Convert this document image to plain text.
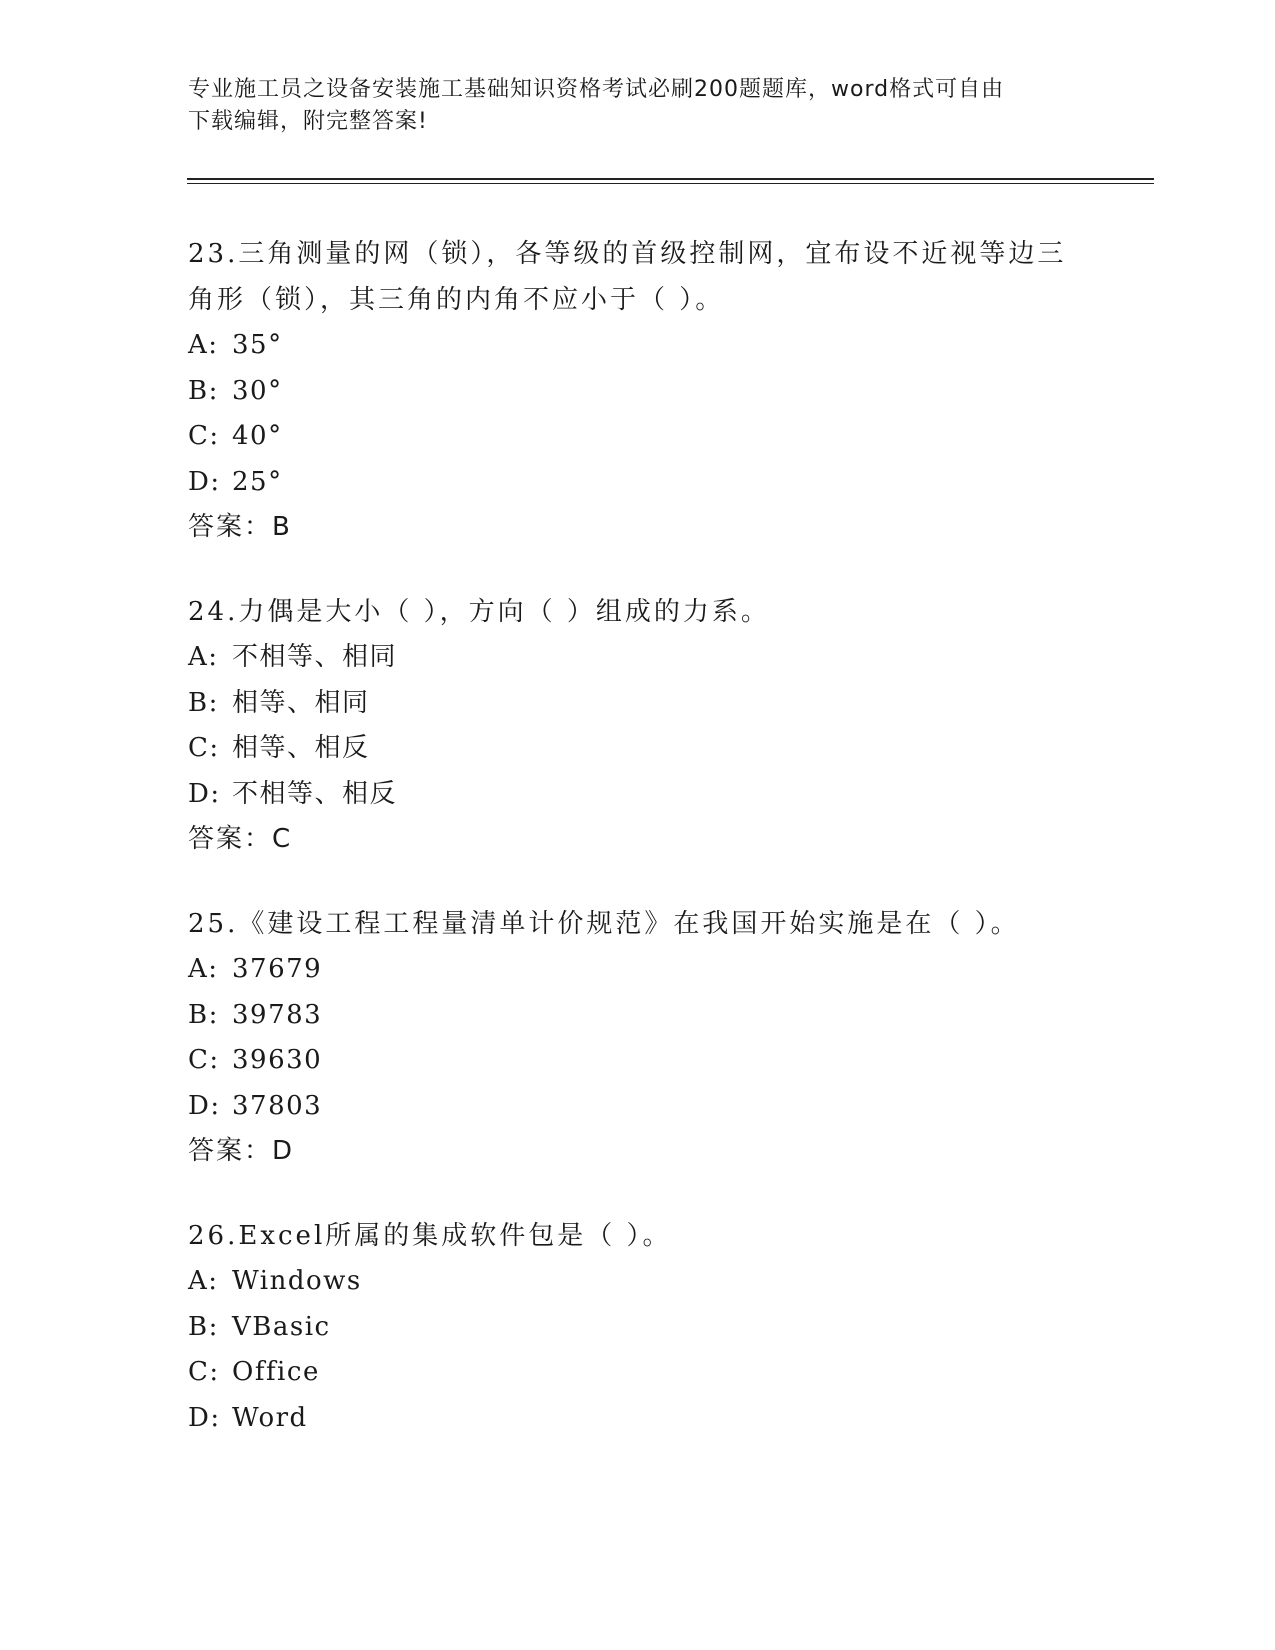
专业施工员之设备安装施工基础知识资格考试必刷200题题库，word格式可自由
下载编辑，附完整答案!

23.三角测量的网（锁），各等级的首级控制网，宜布设不近视等边三

角形（锁），其三角的内角不应小于（ ）。

A: 35°

B: 30°

C: 40°

D: 25°

答案：B

24.力偶是大小（ ），方向（ ）组成的力系。

A: 不相等、相同

B: 相等、相同

C: 相等、相反

D: 不相等、相反

答案：C

25.《建设工程工程量清单计价规范》在我国开始实施是在（ ）。

A: 37679

B: 39783

C: 39630

D: 37803

答案：D

26.Excel所属的集成软件包是（ ）。

A: Windows

B: VBasic

C: Office

D: Word
